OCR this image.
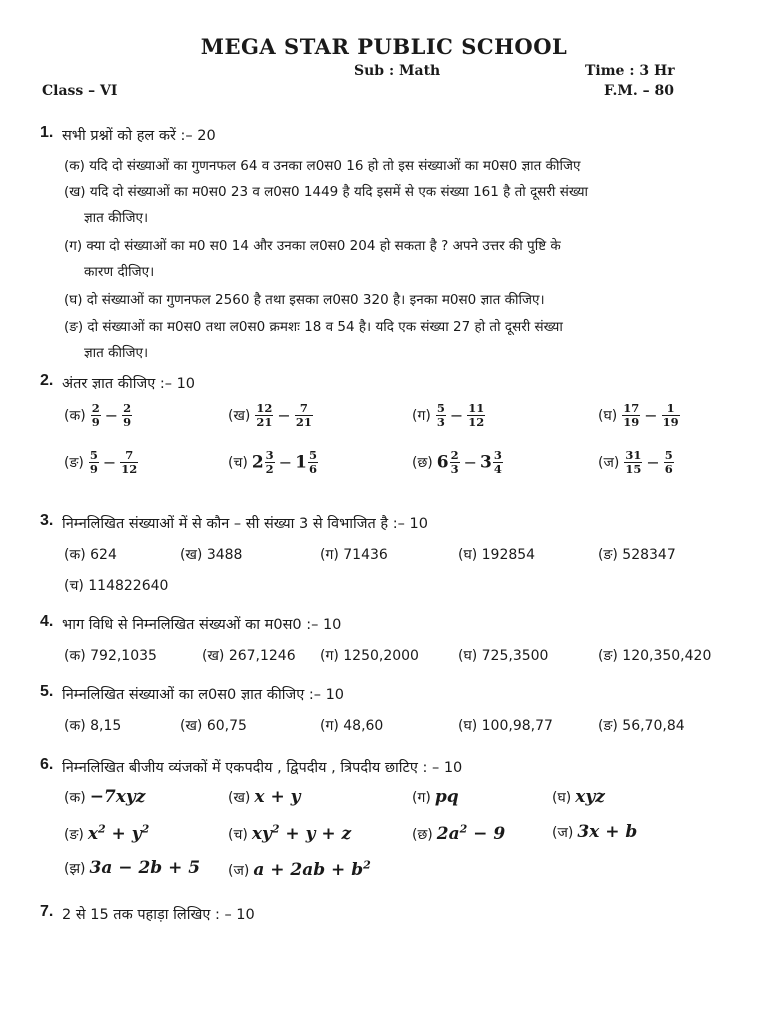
MEGA STAR PUBLIC SCHOOL
Sub : Math	Time : 3 Hr
Class – VI	F.M. – 80
1. सभी प्रश्नों को हल करें :– 20
(क) यदि दो संख्याओं का गुणनफल 64 व उनका ल0स0 16 हो तो इस संख्याओं का म0स0 ज्ञात कीजिए
(ख) यदि दो संख्याओं का म0स0 23 व ल0स0 1449 है यदि इसमें से एक संख्या 161 है तो दूसरी संख्या
ज्ञात कीजिए।
(ग) क्या दो संख्याओं का म0 स0 14 और उनका ल0स0 204 हो सकता है ? अपने उत्तर की पुष्टि के
कारण दीजिए।
(घ) दो संख्याओं का गुणनफल 2560 है तथा इसका ल0स0 320 है। इनका म0स0 ज्ञात कीजिए।
(ङ) दो संख्याओं का म0स0 तथा ल0स0 क्रमशः 18 व 54 है। यदि एक संख्या 27 हो तो दूसरी संख्या
ज्ञात कीजिए।
2. अंतर ज्ञात कीजिए :– 10
(क) $\frac{2}{9} - \frac{2}{9}$	(ख) $\frac{12}{21} - \frac{7}{21}$	(ग) $\frac{5}{3} - \frac{11}{12}$	(घ) $\frac{17}{19} - \frac{1}{19}$
(ङ) $\frac{5}{9} - \frac{7}{12}$	(च) $2 \frac{3}{2} - 1 \frac{5}{6}$	(छ) $6 \frac{2}{3} - 3 \frac{3}{4}$	(ज) $\frac{31}{15} - \frac{5}{6}$
3. निम्नलिखित संख्याओं में से कौन – सी संख्या 3 से विभाजित है :– 10
(क) 624	(ख) 3488	(ग) 71436	(घ) 192854	(ङ) 528347
(च) 114822640
4. भाग विधि से निम्नलिखित संख्यओं का म0स0 :– 10
(क) 792,1035	(ख) 267,1246 (ग) 1250,2000	(घ) 725,3500	(ङ) 120,350,420
5. निम्नलिखित संख्याओं का ल0स0 ज्ञात कीजिए :– 10
(क) 8,15	(ख) 60,75	(ग) 48,60	(घ) 100,98,77	(ङ) 56,70,84
6. निम्नलिखित बीजीय व्यंजकों में एकपदीय , द्विपदीय , त्रिपदीय छाटिए : – 10
(क) −7xyz	(ख) x + y	(ग) pq	(घ) xyz
(ङ) $x^2 + y^2$	(च) $xy^2 + y + z$	(छ) $2a^2 - 9$	(ज) 3x + b
(झ) 3a − 2b + 5 (ज) $a + 2ab + b^2$
7. 2 से 15 तक पहाड़ा लिखिए : – 10
